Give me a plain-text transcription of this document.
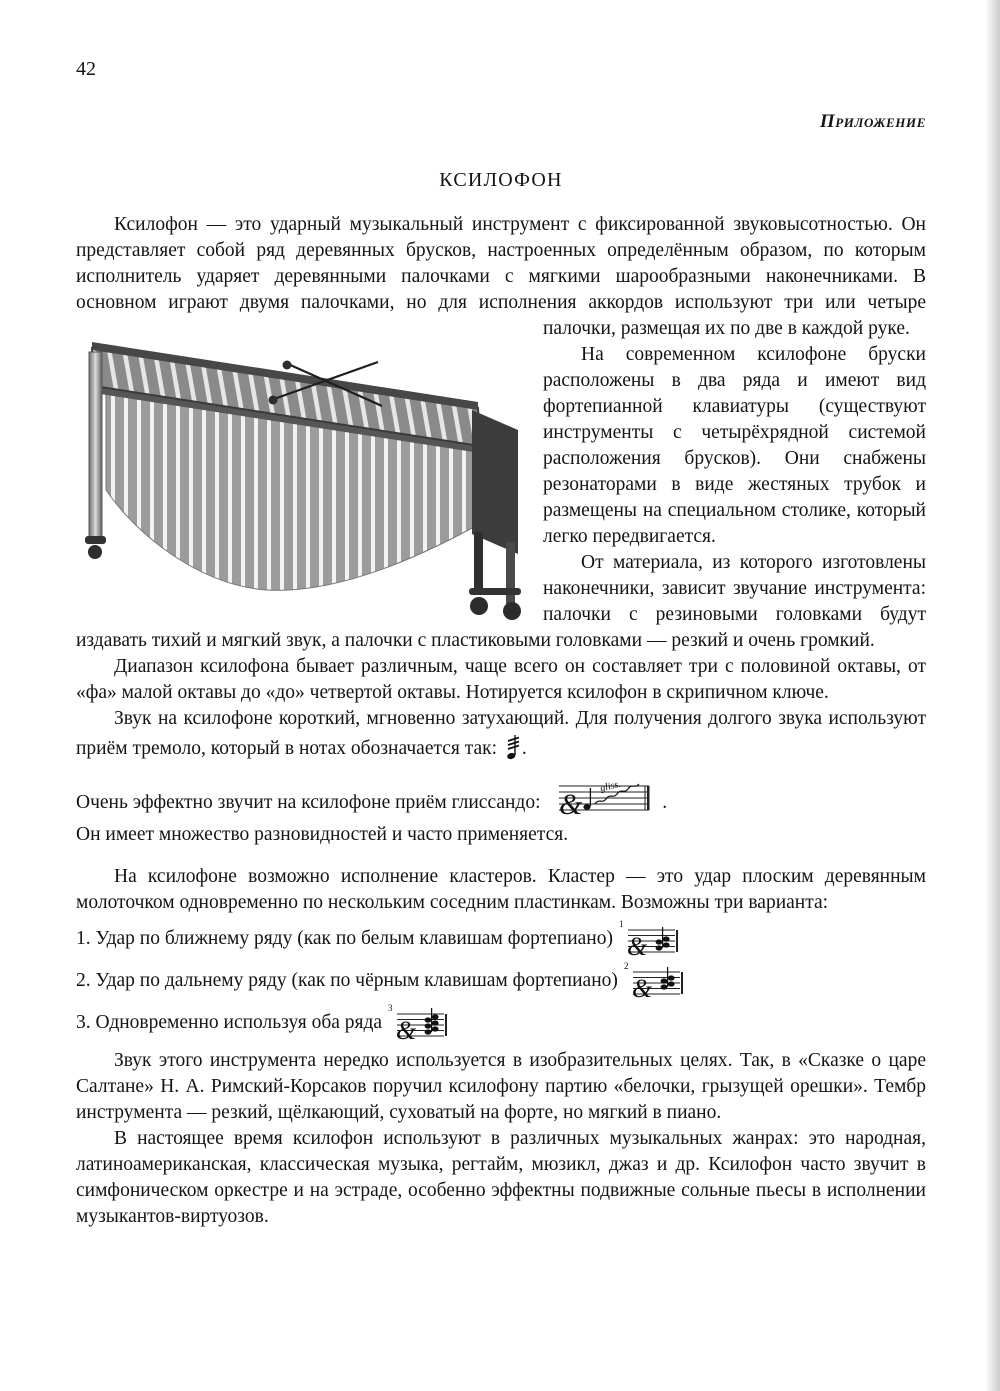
42
Приложение
КСИЛОФОН

Ксилофон — это ударный музыкальный инструмент с фиксированной звуковысотностью. Он представляет собой ряд деревянных брусков, настроенных определённым образом, по которым исполнитель ударяет деревянными палочками с мягкими шарообразными наконечниками. В основном играют двумя палочками, но для исполнения аккордов используют три или четыре палочки, размещая их по две в каждой руке.

На современном ксилофоне бруски расположены в два ряда и имеют вид фортепианной клавиатуры (существуют инструменты с четырёхрядной системой расположения брусков). Они снабжены резонаторами в виде жестяных трубок и размещены на специальном столике, который легко передвигается.

От материала, из которого изготовлены наконечники, зависит звучание инструмента: палочки с резиновыми головками будут издавать тихий и мягкий звук, а палочки с пластиковыми головками — резкий и очень громкий.

Диапазон ксилофона бывает различным, чаще всего он составляет три с половиной октавы, от «фа» малой октавы до «до» четвертой октавы. Нотируется ксилофон в скрипичном ключе.

Звук на ксилофоне короткий, мгновенно затухающий. Для получения долгого звука используют приём тремоло, который в нотах обозначается так: .

Очень эффектно звучит на ксилофоне приём глиссандо: &
gliss.
.

Он имеет множество разновидностей и часто применяется.

На ксилофоне возможно исполнение кластеров. Кластер — это удар плоским деревянным молоточком одновременно по нескольким соседним пластинкам. Возможны три варианта:

1. Удар по ближнему ряду (как по белым клавишам фортепиано)
1
&

2. Удар по дальнему ряду (как по чёрным клавишам фортепиано)
2
&

3. Одновременно используя оба ряда
3
&

Звук этого инструмента нередко используется в изобразительных целях. Так, в «Сказке о царе Салтане» Н. А. Римский-Корсаков поручил ксилофону партию «белочки, грызущей орешки». Тембр инструмента — резкий, щёлкающий, суховатый на форте, но мягкий в пиано.

В настоящее время ксилофон используют в различных музыкальных жанрах: это народная, латиноамериканская, классическая музыка, регтайм, мюзикл, джаз и др. Ксилофон часто звучит в симфоническом оркестре и на эстраде, особенно эффектны подвижные сольные пьесы в исполнении музыкантов-виртуозов.
